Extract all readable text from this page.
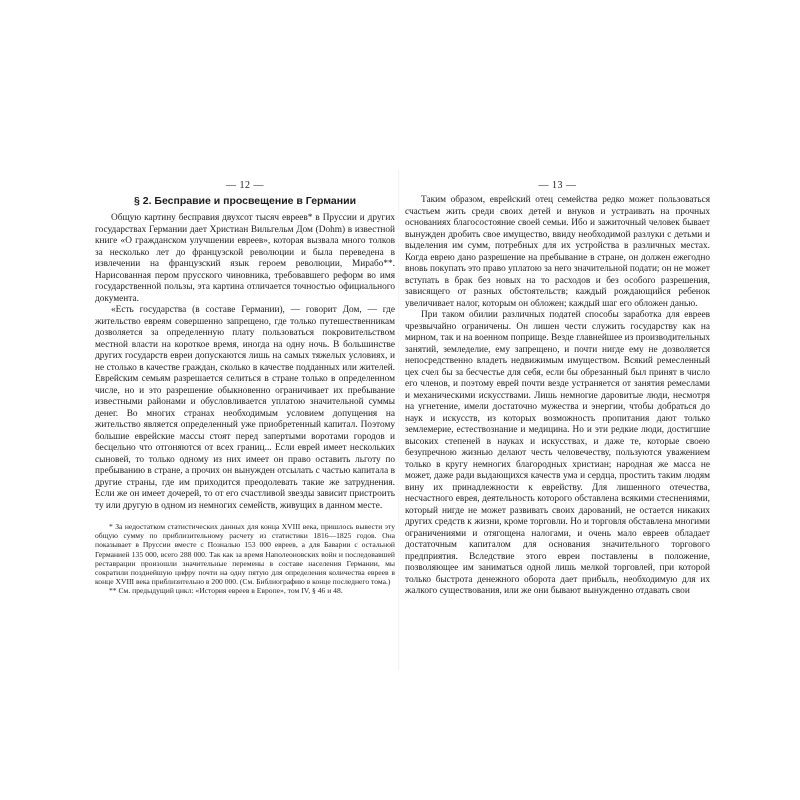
— 12 —
§ 2. Бесправие и просвещение в Германии

Общую картину бесправия двухсот тысяч евреев* в Пруссии и других государствах Германии дает Христиан Вильгельм Дом (Dohm) в известной книге «О гражданском улучшении евреев», которая вызвала много толков за несколько лет до французской революции и была переведена в извлечении на французский язык героем революции, Мирабо**. Нарисованная пером прусского чиновника, требовавшего реформ во имя государственной пользы, эта картина отличается точностью официального документа.

«Есть государства (в составе Германии), — говорит Дом, — где жительство евреям совершенно запрещено, где только путешественникам дозволяется за определенную плату пользоваться покровительством местной власти на короткое время, иногда на одну ночь. В большинстве других государств евреи допускаются лишь на самых тяжелых условиях, и не столько в качестве граждан, сколько в качестве подданных или жителей. Еврейским семьям разрешается селиться в стране только в определенном числе, но и это разрешение обыкновенно ограничивает их пребывание известными районами и обусловливается уплатою значительной суммы денег. Во многих странах необходимым условием допущения на жительство является определенный уже приобретенный капитал. Поэтому большие еврейские массы стоят перед запертыми воротами городов и бесцельно что отгоняются от всех границ... Если еврей имеет нескольких сыновей, то только одному из них имеет он право оставить льготу по пребыванию в стране, а прочих он вынужден отсылать с частью капитала в другие страны, где им приходится преодолевать такие же затруднения. Если же он имеет дочерей, то от его счастливой звезды зависит пристроить ту или другую в одном из немногих семейств, живущих в данном месте.

* За недостатком статистических данных для конца XVIII века, пришлось вывести эту общую сумму по приблизительному расчету из статистики 1816—1825 годов. Она показывает в Пруссии вместе с Позналью 153 000 евреев, а для Баварии с остальной Германией 135 000, всего 288 000. Так как за время Наполеоновских войн и последовавшей реставрации произошли значительные перемены в составе населения Германии, мы сократили позднейшую цифру почти на одну пятую для определения количества евреев в конце XVIII века приблизительно в 200 000. (См. Библиографию в конце последнего тома.)

** См. предыдущий цикл: «История евреев в Европе», том IV, § 46 и 48.

— 13 —

Таким образом, еврейский отец семейства редко может пользоваться счастьем жить среди своих детей и внуков и устраивать на прочных основаниях благосостояние своей семьи. Ибо и зажиточный человек бывает вынужден дробить свое имущество, ввиду необходимой разлуки с детьми и выделения им сумм, потребных для их устройства в различных местах. Когда еврею дано разрешение на пребывание в стране, он должен ежегодно вновь покупать это право уплатою за него значительной подати; он не может вступать в брак без новых на то расходов и без особого разрешения, зависящего от разных обстоятельств; каждый рождающийся ребенок увеличивает налог, которым он обложен; каждый шаг его обложен данью.

При таком обилии различных податей способы заработка для евреев чрезвычайно ограничены. Он лишен чести служить государству как на мирном, так и на военном поприще. Везде главнейшее из производительных занятий, земледелие, ему запрещено, и почти нигде ему не дозволяется непосредственно владеть недвижимым имуществом. Всякий ремесленный цех счел бы за бесчестье для себя, если бы обрезанный был принят в число его членов, и поэтому еврей почти везде устраняется от занятия ремеслами и механическими искусствами. Лишь немногие даровитые люди, несмотря на угнетение, имели достаточно мужества и энергии, чтобы добраться до наук и искусств, из которых возможность пропитания дают только землемерие, естествознание и медицина. Но и эти редкие люди, достигшие высоких степеней в науках и искусствах, и даже те, которые своею безупречною жизнью делают честь человечеству, пользуются уважением только в кругу немногих благородных христиан; народная же масса не может, даже ради выдающихся качеств ума и сердца, простить таким людям вину их принадлежности к еврейству. Для лишенного отечества, несчастного еврея, деятельность которого обставлена всякими стеснениями, который нигде не может развивать своих дарований, не остается никаких других средств к жизни, кроме торговли. Но и торговля обставлена многими ограничениями и отягощена налогами, и очень мало евреев обладает достаточным капиталом для основания значительного торгового предприятия. Вследствие этого евреи поставлены в положение, позволяющее им заниматься одной лишь мелкой торговлей, при которой только быстрота денежного оборота дает прибыль, необходимую для их жалкого существования, или же они бывают вынужденно отдавать свои
